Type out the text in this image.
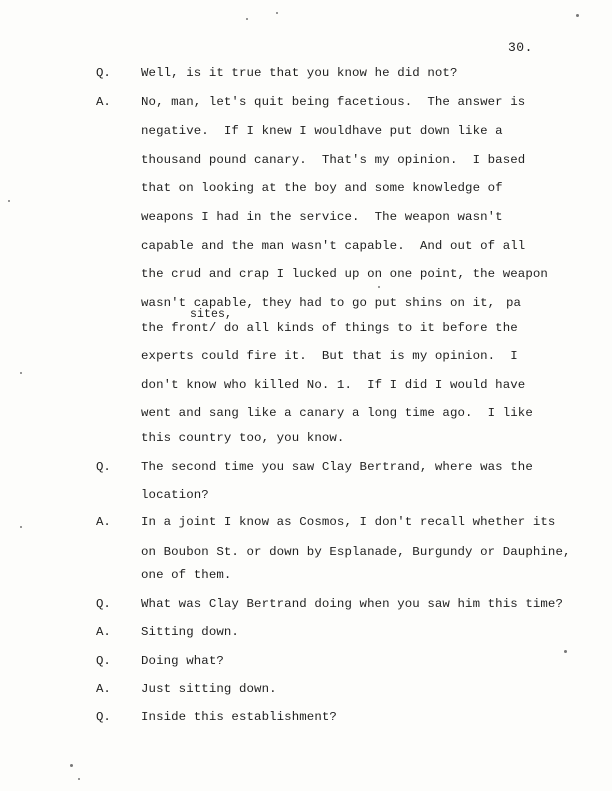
30.
Q. Well, is it true that you know he did not?
A. No, man, let's quit being facetious.  The answer is
negative.  If I knew I wouldhave put down like a
thousand pound canary.  That's my opinion.  I based
that on looking at the boy and some knowledge of
weapons I had in the service.  The weapon wasn't
capable and the man wasn't capable.  And out of all
the crud and crap I lucked up on one point, the weapon
wasn't capable, they had to go put shins on it, pa
sites,
the front/ do all kinds of things to it before the
experts could fire it.  But that is my opinion.  I
don't know who killed No. 1.  If I did I would have
went and sang like a canary a long time ago.  I like
this country too, you know.
Q. The second time you saw Clay Bertrand, where was the
location?
A. In a joint I know as Cosmos, I don't recall whether its
on Boubon St. or down by Esplanade, Burgundy or Dauphine,
one of them.
Q. What was Clay Bertrand doing when you saw him this time?
A. Sitting down.
Q. Doing what?
A. Just sitting down.
Q. Inside this establishment?
